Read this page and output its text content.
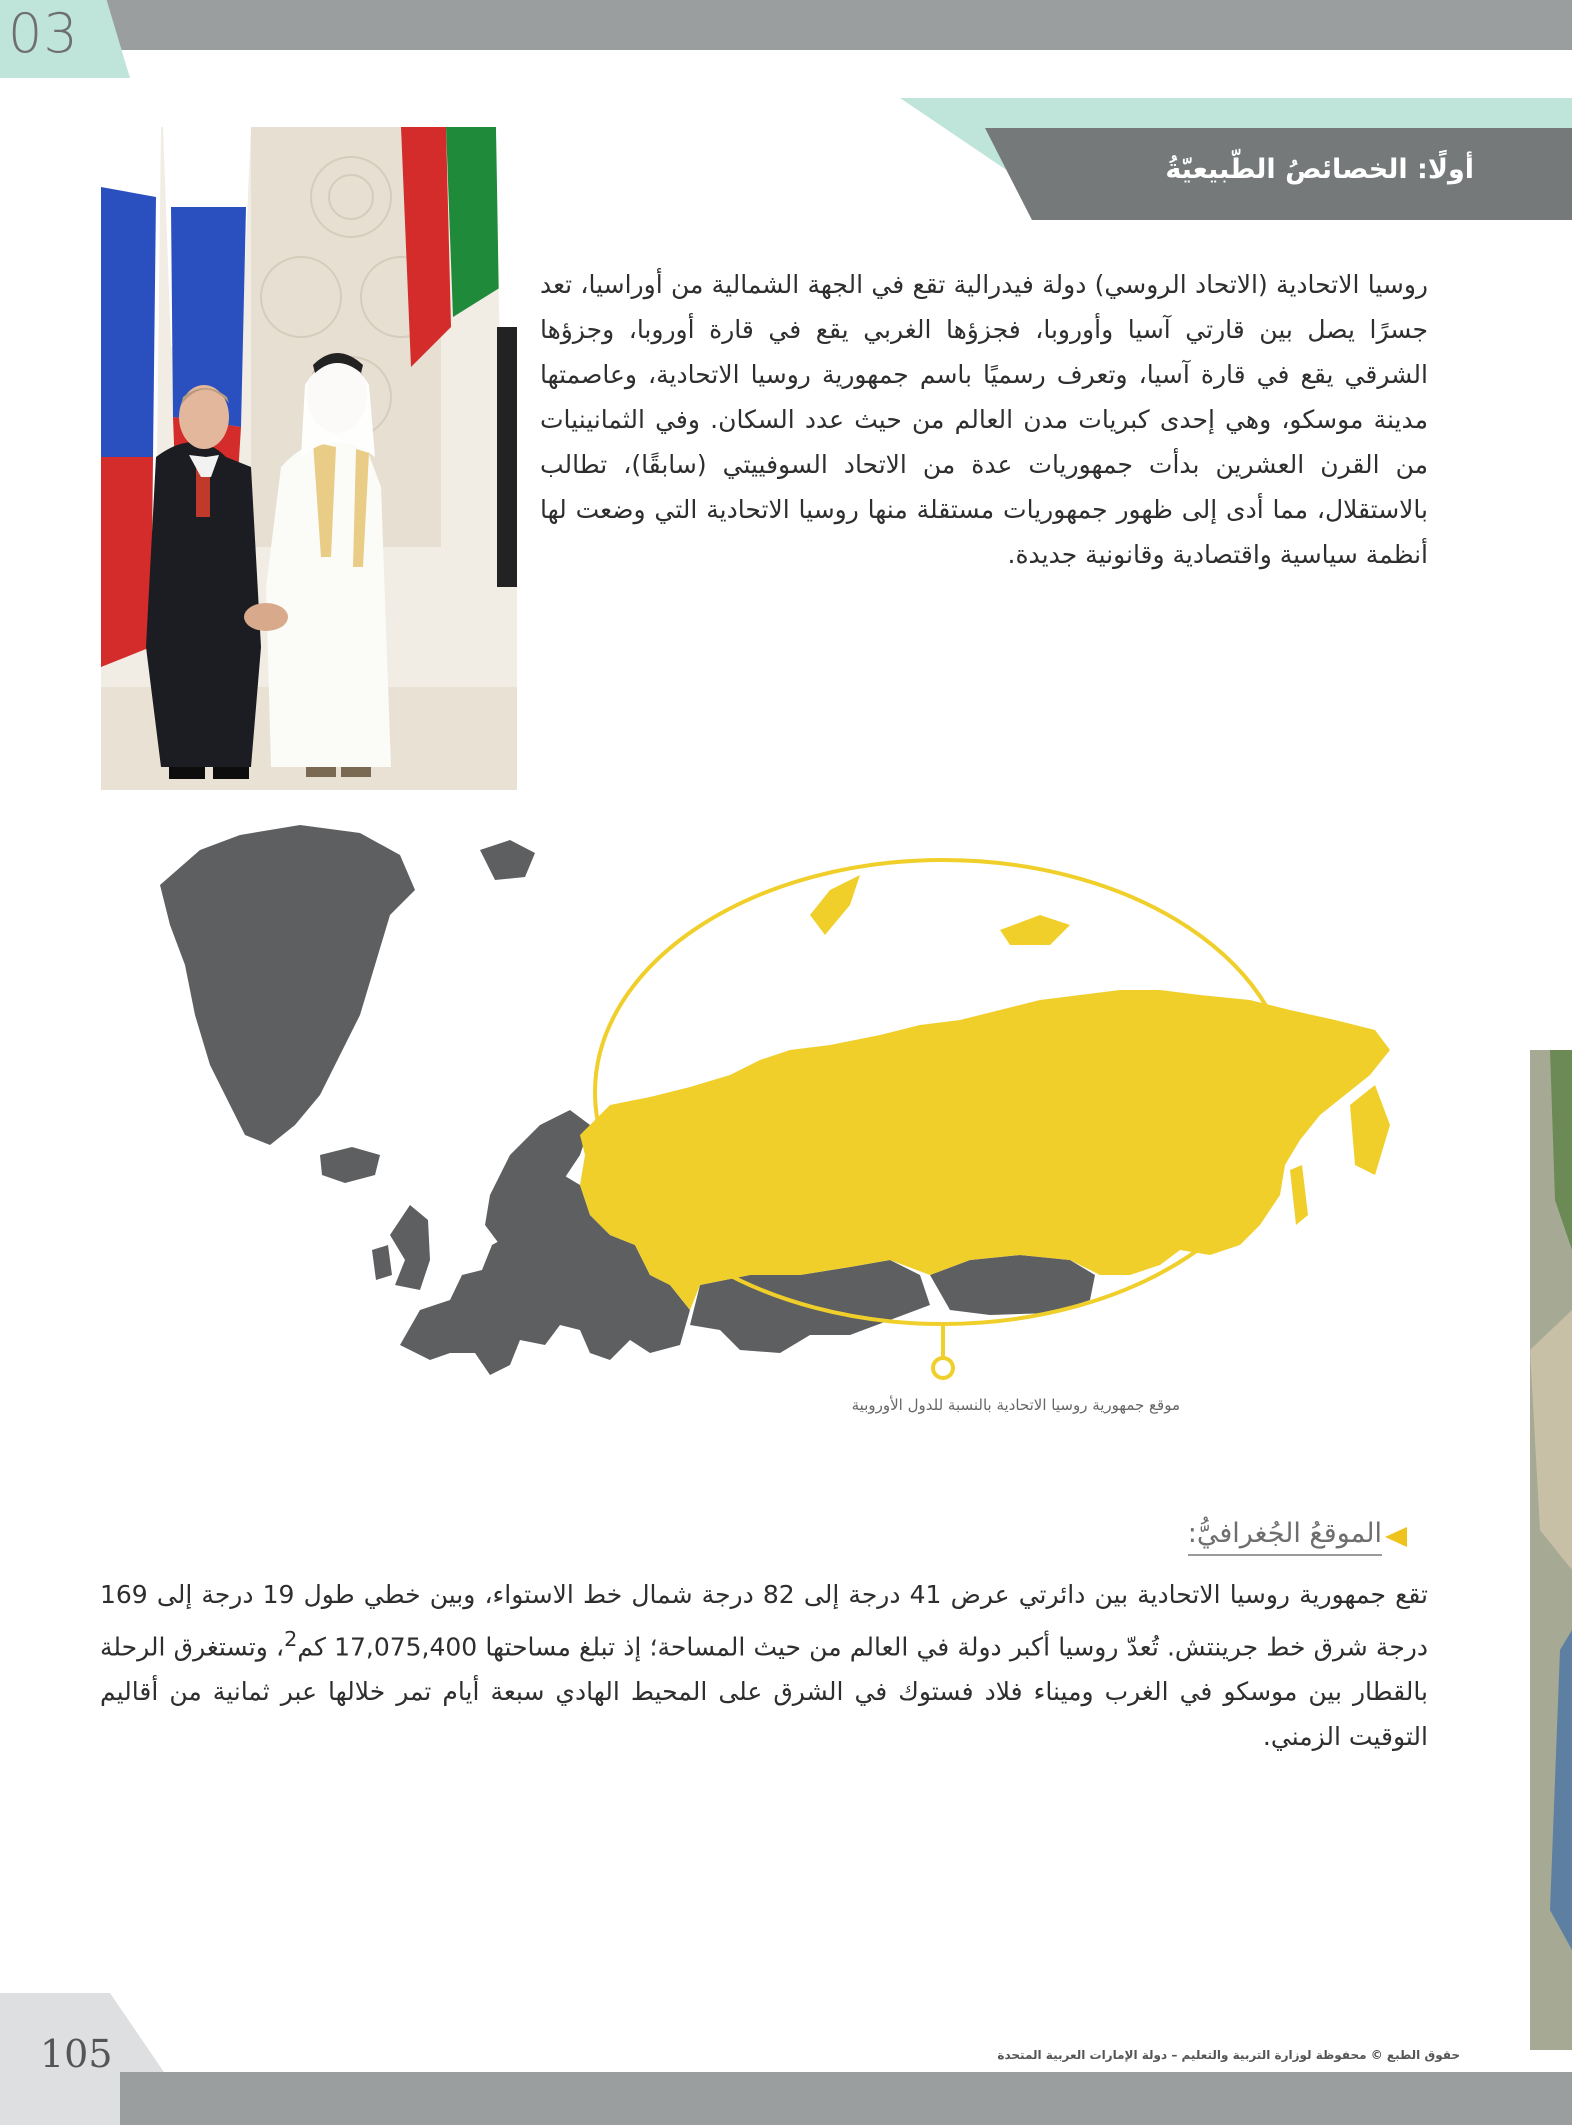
03
أولًا: الخصائصُ الطّبيعيّةُ

روسيا الاتحادية (الاتحاد الروسي) دولة فيدرالية تقع في الجهة الشمالية من أوراسيا، تعد جسرًا يصل بين قارتي آسيا وأوروبا، فجزؤها الغربي يقع في قارة أوروبا، وجزؤها الشرقي يقع في قارة آسيا، وتعرف رسميًا باسم جمهورية روسيا الاتحادية، وعاصمتها مدينة موسكو، وهي إحدى كبريات مدن العالم من حيث عدد السكان. وفي الثمانينيات من القرن العشرين بدأت جمهوريات عدة من الاتحاد السوفييتي (سابقًا)، تطالب بالاستقلال، مما أدى إلى ظهور جمهوريات مستقلة منها روسيا الاتحادية التي وضعت لها أنظمة سياسية واقتصادية وقانونية جديدة.

موقع جمهورية روسيا الاتحادية بالنسبة للدول الأوروبية
الموقعُ الجُغرافيُّ:

تقع جمهورية روسيا الاتحادية بين دائرتي عرض 41 درجة إلى 82 درجة شمال خط الاستواء، وبين خطي طول 19 درجة إلى 169 درجة شرق خط جرينتش. تُعدّ روسيا أكبر دولة في العالم من حيث المساحة؛ إذ تبلغ مساحتها 17,075,400 كم$^2$، وتستغرق الرحلة بالقطار بين موسكو في الغرب وميناء فلاد فستوك في الشرق على المحيط الهادي سبعة أيام تمر خلالها عبر ثمانية من أقاليم التوقيت الزمني.

105	حقوق الطبع © محفوظة لوزارة التربية والتعليم – دولة الإمارات العربية المتحدة
